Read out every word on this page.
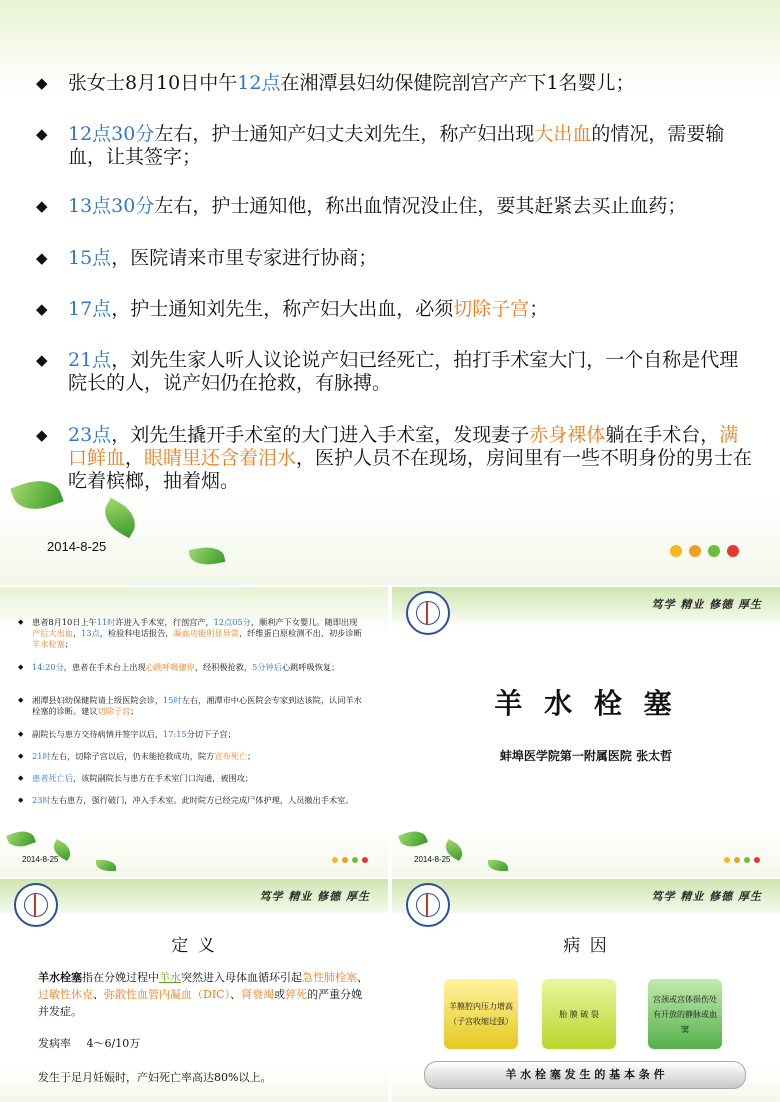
◆	张女士8月10日中午12点在湘潭县妇幼保健院剖宫产产下1名婴儿；
◆	12点30分左右，护士通知产妇丈夫刘先生，称产妇出现大出血的情况，需要输血，让其签字；
◆	13点30分左右，护士通知他，称出血情况没止住，要其赶紧去买止血药；
◆	15点，医院请来市里专家进行协商；
◆	17点，护士通知刘先生，称产妇大出血，必须切除子宫；
◆	21点，刘先生家人听人议论说产妇已经死亡，拍打手术室大门，一个自称是代理院长的人，说产妇仍在抢救，有脉搏。
◆	23点，刘先生撬开手术室的大门进入手术室，发现妻子赤身裸体躺在手术台，满口鲜血，眼睛里还含着泪水，医护人员不在现场，房间里有一些不明身份的男士在吃着槟榔，抽着烟。
2014-8-25
◆	患者8月10日上午11时许进入手术室，行剖宫产，12点05分，顺利产下女婴儿。随即出现产后大出血，13点，检验科电话报告，凝血功能明显异常，纤维蛋白原检测不出，初步诊断羊水栓塞；
◆	14:20分，患者在手术台上出现心跳呼吸骤停，经积极抢救，5分钟后心跳呼吸恢复；
◆	湘潭县妇幼保健院请上级医院会诊，15时左右，湘潭市中心医院会专家到达该院，认同羊水栓塞的诊断。建议切除子宫；
◆	副院长与患方交待病情并签字以后，17:15分切下子宫；
◆	21时左右，切除子宫以后，仍未能抢救成功，院方宣布死亡；
◆	患者死亡后，该院副院长与患方在手术室门口沟通，被围攻；
◆	23时左右患方，强行破门，冲入手术室。此时院方已经完成尸体护理，人员撤出手术室。
2014-8-25
笃学 精业 修德 厚生
羊 水 栓 塞
蚌埠医学院第一附属医院 张太哲
2014-8-25
笃学 精业 修德 厚生
定 义
羊水栓塞指在分娩过程中羊水突然进入母体血循环引起急性肺栓塞、过敏性休克、弥散性血管内凝血（DIC）、肾衰竭或猝死的严重分娩并发症。
发病率 4～6/10万
发生于足月妊娠时，产妇死亡率高达80%以上。
笃学 精业 修德 厚生
病 因
羊膜腔内压力增高（子宫收缩过强）
胎 膜 破 裂
宫颈或宫体损伤处有开放的静脉或血窦
羊 水 栓 塞 发 生 的 基 本 条 件
